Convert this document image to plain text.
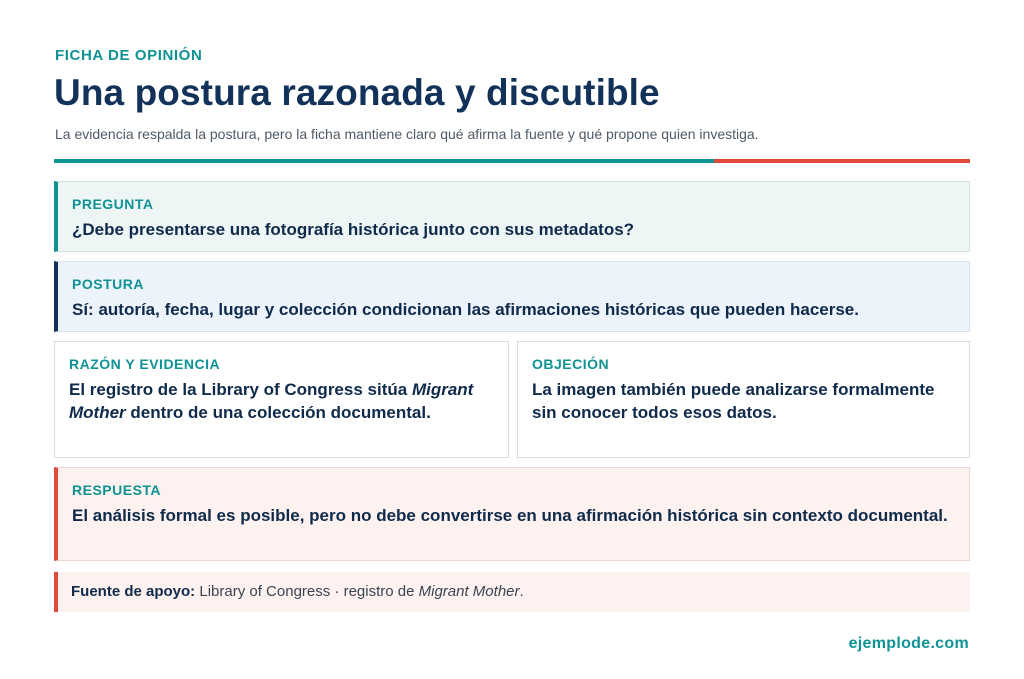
FICHA DE OPINIÓN
Una postura razonada y discutible
La evidencia respalda la postura, pero la ficha mantiene claro qué afirma la fuente y qué propone quien investiga.
PREGUNTA
¿Debe presentarse una fotografía histórica junto con sus metadatos?
POSTURA
Sí: autoría, fecha, lugar y colección condicionan las afirmaciones históricas que pueden hacerse.
RAZÓN Y EVIDENCIA
El registro de la Library of Congress sitúa Migrant Mother dentro de una colección documental.
OBJECIÓN
La imagen también puede analizarse formalmente sin conocer todos esos datos.
RESPUESTA
El análisis formal es posible, pero no debe convertirse en una afirmación histórica sin contexto documental.
Fuente de apoyo: Library of Congress · registro de Migrant Mother.
ejemplode.com
